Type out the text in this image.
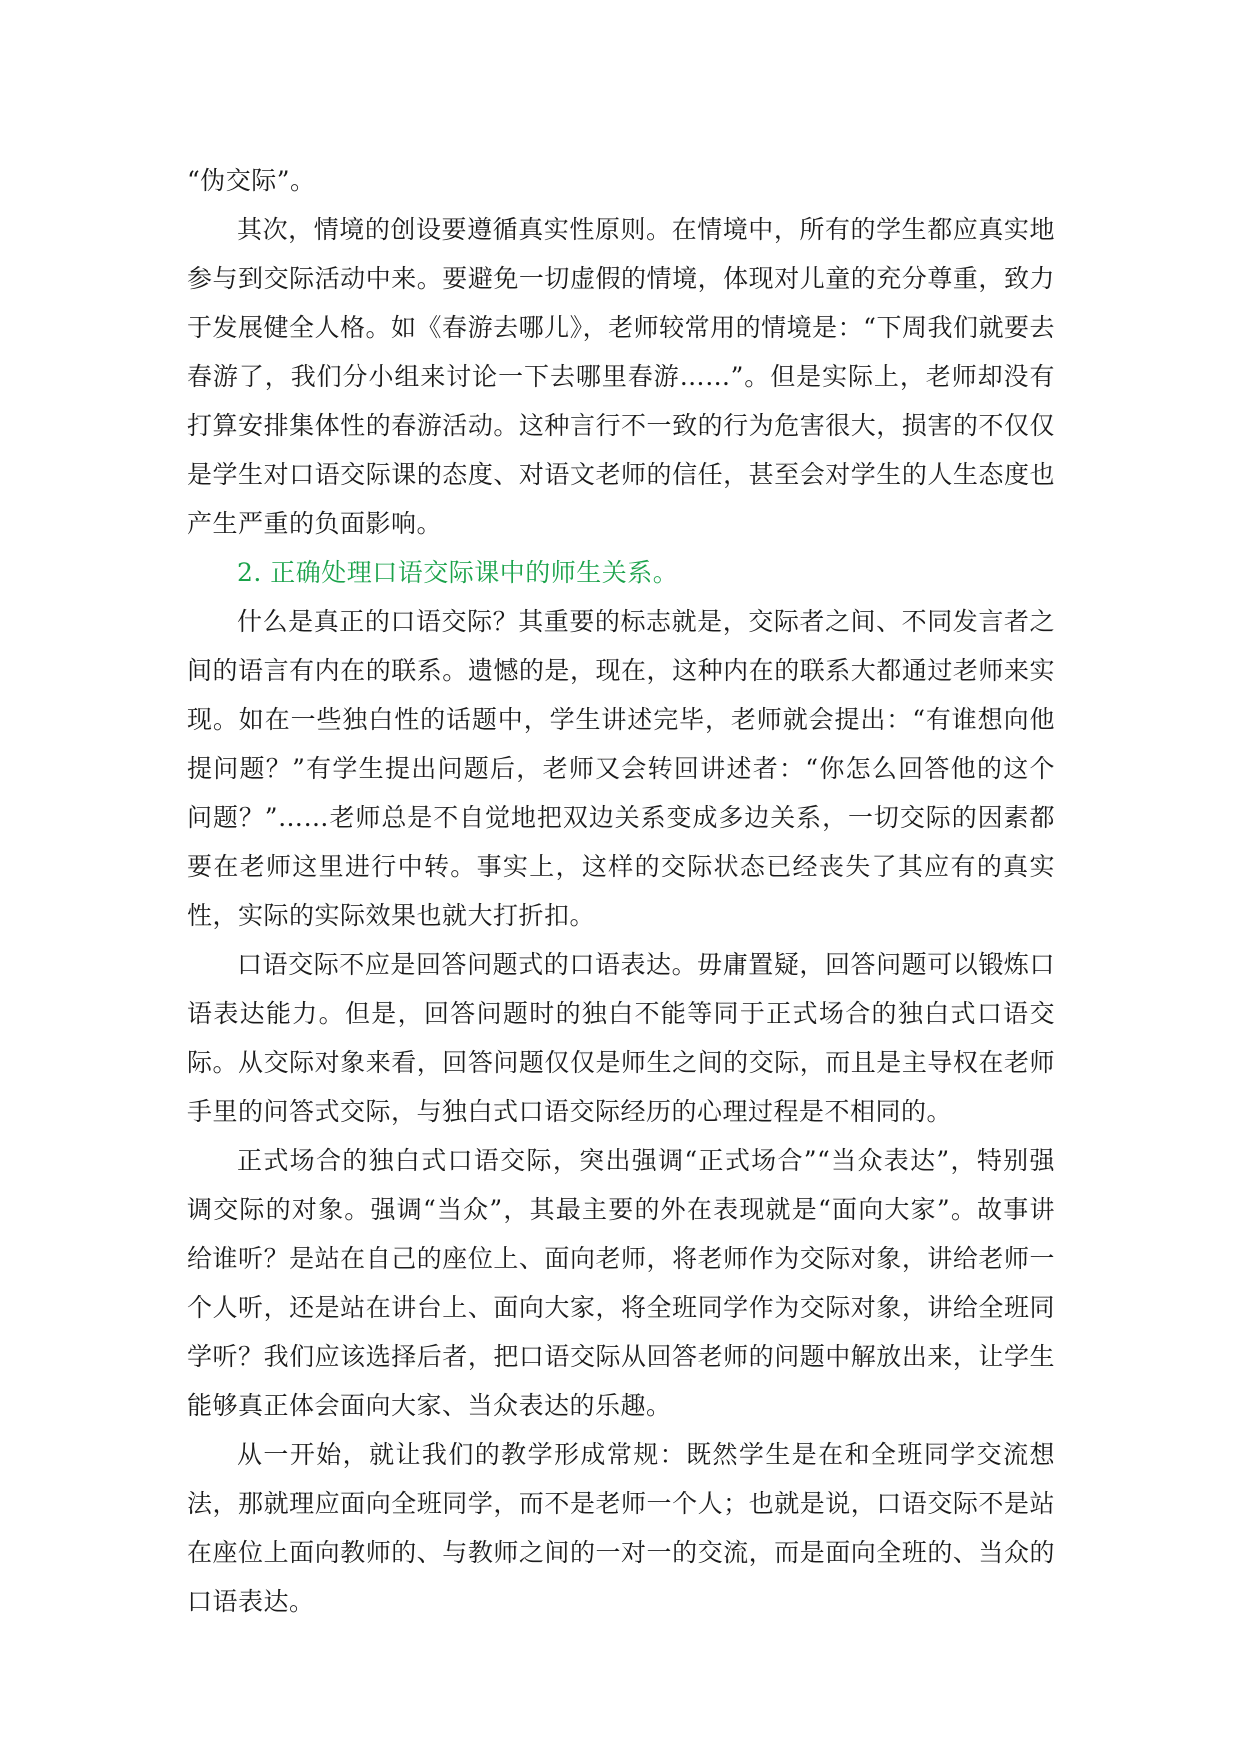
“伪交际”。

其次，情境的创设要遵循真实性原则。在情境中，所有的学生都应真实地参与到交际活动中来。要避免一切虚假的情境，体现对儿童的充分尊重，致力于发展健全人格。如《春游去哪儿》，老师较常用的情境是：“下周我们就要去春游了，我们分小组来讨论一下去哪里春游……”。但是实际上，老师却没有打算安排集体性的春游活动。这种言行不一致的行为危害很大，损害的不仅仅是学生对口语交际课的态度、对语文老师的信任，甚至会对学生的人生态度也产生严重的负面影响。

2. 正确处理口语交际课中的师生关系。

什么是真正的口语交际？其重要的标志就是，交际者之间、不同发言者之间的语言有内在的联系。遗憾的是，现在，这种内在的联系大都通过老师来实现。如在一些独白性的话题中，学生讲述完毕，老师就会提出：“有谁想向他提问题？”有学生提出问题后，老师又会转回讲述者：“你怎么回答他的这个问题？”……老师总是不自觉地把双边关系变成多边关系，一切交际的因素都要在老师这里进行中转。事实上，这样的交际状态已经丧失了其应有的真实性，实际的实际效果也就大打折扣。

口语交际不应是回答问题式的口语表达。毋庸置疑，回答问题可以锻炼口语表达能力。但是，回答问题时的独白不能等同于正式场合的独白式口语交际。从交际对象来看，回答问题仅仅是师生之间的交际，而且是主导权在老师手里的问答式交际，与独白式口语交际经历的心理过程是不相同的。

正式场合的独白式口语交际，突出强调“正式场合”“当众表达”，特别强调交际的对象。强调“当众”，其最主要的外在表现就是“面向大家”。故事讲给谁听？是站在自己的座位上、面向老师，将老师作为交际对象，讲给老师一个人听，还是站在讲台上、面向大家，将全班同学作为交际对象，讲给全班同学听？我们应该选择后者，把口语交际从回答老师的问题中解放出来，让学生能够真正体会面向大家、当众表达的乐趣。

从一开始，就让我们的教学形成常规：既然学生是在和全班同学交流想法，那就理应面向全班同学，而不是老师一个人；也就是说，口语交际不是站在座位上面向教师的、与教师之间的一对一的交流，而是面向全班的、当众的口语表达。
